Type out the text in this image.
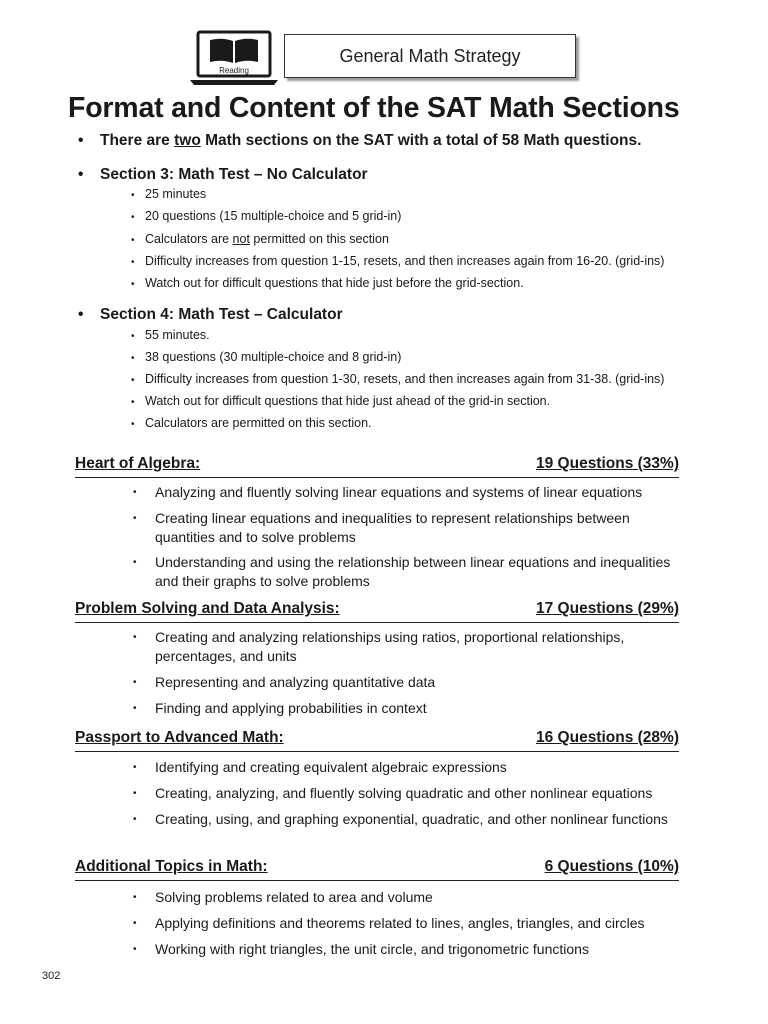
Reading
General Math Strategy
Format and Content of the SAT Math Sections
• There are two Math sections on the SAT with a total of 58 Math questions.
• Section 3: Math Test – No Calculator
• 25 minutes
• 20 questions (15 multiple-choice and 5 grid-in)
• Calculators are not permitted on this section
• Difficulty increases from question 1-15, resets, and then increases again from 16-20. (grid-ins)
• Watch out for difficult questions that hide just before the grid-section.
• Section 4: Math Test – Calculator
• 55 minutes.
• 38 questions (30 multiple-choice and 8 grid-in)
• Difficulty increases from question 1-30, resets, and then increases again from 31-38. (grid-ins)
• Watch out for difficult questions that hide just ahead of the grid-in section.
• Calculators are permitted on this section.
Heart of Algebra:	19 Questions (33%)
• Analyzing and fluently solving linear equations and systems of linear equations
• Creating linear equations and inequalities to represent relationships between quantities and to solve problems
• Understanding and using the relationship between linear equations and inequalities and their graphs to solve problems
Problem Solving and Data Analysis:	17 Questions (29%)
• Creating and analyzing relationships using ratios, proportional relationships, percentages, and units
• Representing and analyzing quantitative data
• Finding and applying probabilities in context
Passport to Advanced Math:	16 Questions (28%)
• Identifying and creating equivalent algebraic expressions
• Creating, analyzing, and fluently solving quadratic and other nonlinear equations
• Creating, using, and graphing exponential, quadratic, and other nonlinear functions
Additional Topics in Math:	6 Questions (10%)
• Solving problems related to area and volume
• Applying definitions and theorems related to lines, angles, triangles, and circles
• Working with right triangles, the unit circle, and trigonometric functions
302
